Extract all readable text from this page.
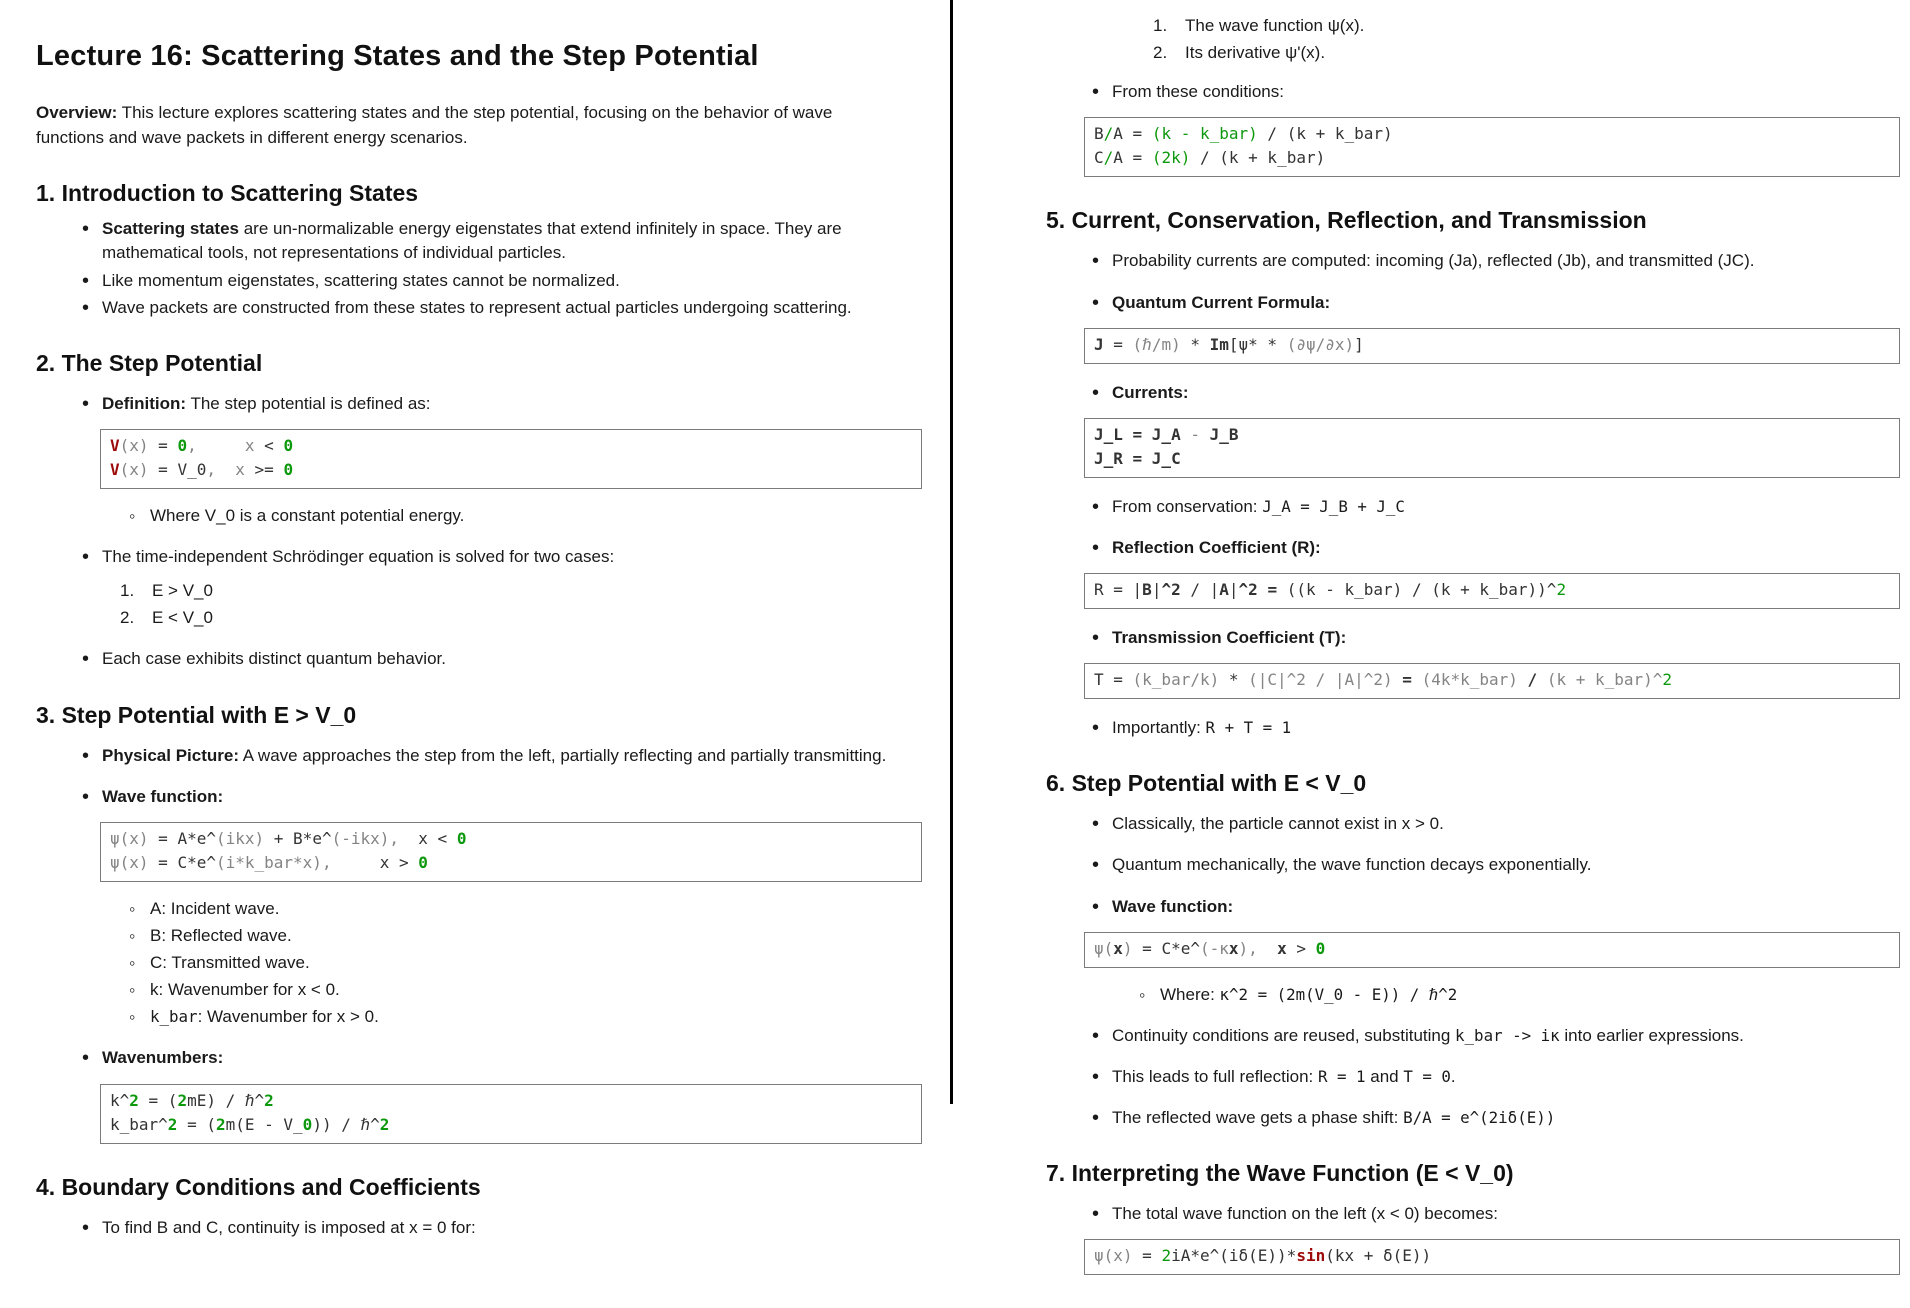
Lecture 16: Scattering States and the Step Potential

Overview: This lecture explores scattering states and the step potential, focusing on the behavior of wave functions and wave packets in different energy scenarios.

1. Introduction to Scattering States
• Scattering states are un-normalizable energy eigenstates that extend infinitely in space. They are mathematical tools, not representations of individual particles.
• Like momentum eigenstates, scattering states cannot be normalized.
• Wave packets are constructed from these states to represent actual particles undergoing scattering.
2. The Step Potential
• Definition: The step potential is defined as:
V(x) = 0,	x < 0
V(x) = V_0, x >= 0
◦ Where V_0 is a constant potential energy.
• The time-independent Schrödinger equation is solved for two cases:
E > V_0
E < V_0
• Each case exhibits distinct quantum behavior.
3. Step Potential with E > V_0
• Physical Picture: A wave approaches the step from the left, partially reflecting and partially transmitting.
• Wave function:
ψ(x) = A*e^(ikx) + B*e^(-ikx), x < 0
ψ(x) = C*e^(i*k_bar*x),	x > 0
◦ A: Incident wave.
◦ B: Reflected wave.
◦ C: Transmitted wave.
◦ k: Wavenumber for x < 0.
◦ k_bar: Wavenumber for x > 0.
• Wavenumbers:
k^2 = (2mE) / ℏ^2
k_bar^2 = (2m(E - V_0)) / ℏ^2
4. Boundary Conditions and Coefficients
• To find B and C, continuity is imposed at x = 0 for:
The wave function ψ(x).
Its derivative ψ'(x).
• From these conditions:
B/A = (k - k_bar) / (k + k_bar)
C/A = (2k) / (k + k_bar)
5. Current, Conservation, Reflection, and Transmission
• Probability currents are computed: incoming (Ja), reflected (Jb), and transmitted (JC).
• Quantum Current Formula:
J = (ℏ/m) * Im[ψ* * (∂ψ/∂x)]
• Currents:
J_L = J_A - J_B
J_R = J_C
• From conservation: J_A = J_B + J_C
• Reflection Coefficient (R):
R = |B|^2 / |A|^2 = ((k - k_bar) / (k + k_bar))^2
• Transmission Coefficient (T):
T = (k_bar/k) * (|C|^2 / |A|^2) = (4k*k_bar) / (k + k_bar)^2
• Importantly: R + T = 1
6. Step Potential with E < V_0
• Classically, the particle cannot exist in x > 0.
• Quantum mechanically, the wave function decays exponentially.
• Wave function:
ψ(x) = C*e^(-κx), x > 0
◦ Where: κ^2 = (2m(V_0 - E)) / ℏ^2
• Continuity conditions are reused, substituting k_bar -> iκ into earlier expressions.
• This leads to full reflection: R = 1 and T = 0.
• The reflected wave gets a phase shift: B/A = e^(2iδ(E))
7. Interpreting the Wave Function (E < V_0)
• The total wave function on the left (x < 0) becomes:
ψ(x) = 2iA*e^(iδ(E))*sin(kx + δ(E))
